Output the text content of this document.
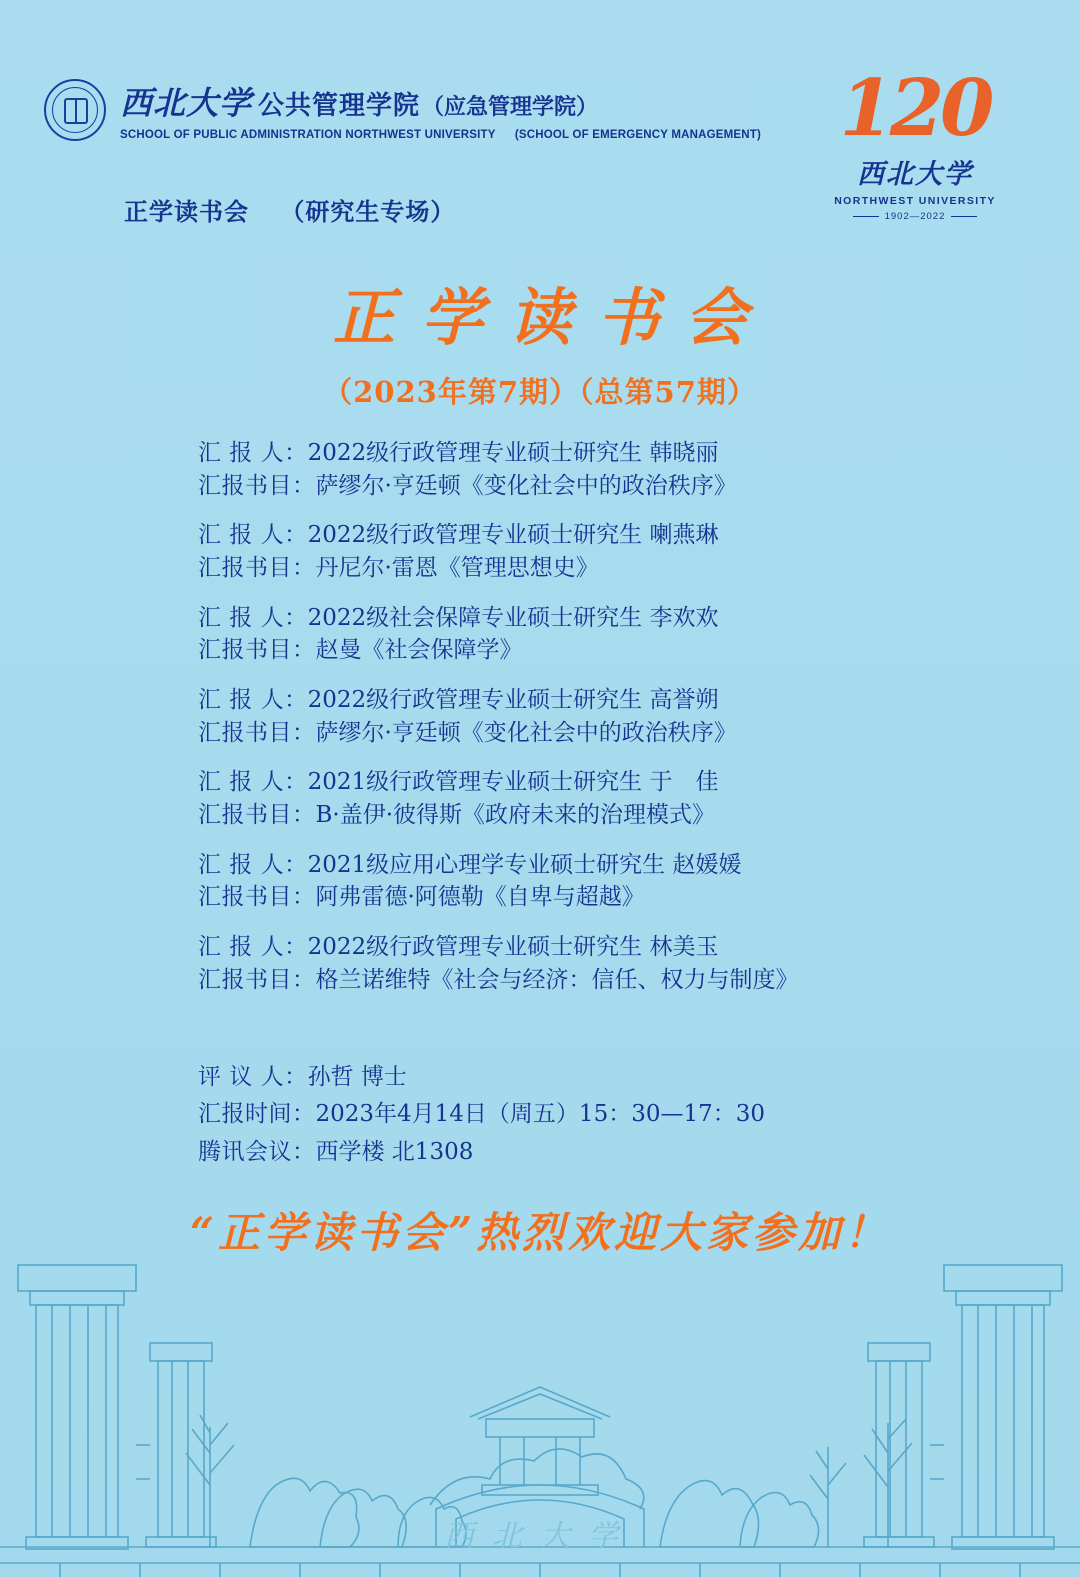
西北大学 公共管理学院 （应急管理学院）
SCHOOL OF PUBLIC ADMINISTRATION NORTHWEST UNIVERSITY (SCHOOL OF EMERGENCY MANAGEMENT) 120
西北大学
NORTHWEST UNIVERSITY
1902—2022
正学读书会 （研究生专场）
正学读书会
（2023年第7期）（总第57期）
汇 报 人：2022级行政管理专业硕士研究生 韩晓丽
汇报书目：萨缪尔·亨廷顿《变化社会中的政治秩序》
汇 报 人：2022级行政管理专业硕士研究生 喇燕琳
汇报书目：丹尼尔·雷恩《管理思想史》
汇 报 人：2022级社会保障专业硕士研究生 李欢欢
汇报书目：赵曼《社会保障学》
汇 报 人：2022级行政管理专业硕士研究生 高誉朔
汇报书目：萨缪尔·亨廷顿《变化社会中的政治秩序》
汇 报 人：2021级行政管理专业硕士研究生 于　佳
汇报书目：B·盖伊·彼得斯《政府未来的治理模式》
汇 报 人：2021级应用心理学专业硕士研究生 赵媛媛
汇报书目：阿弗雷德·阿德勒《自卑与超越》
汇 报 人：2022级行政管理专业硕士研究生 林美玉
汇报书目：格兰诺维特《社会与经济：信任、权力与制度》
评 议 人：孙哲 博士
汇报时间：2023年4月14日（周五）15：30—17：30
腾讯会议：西学楼 北1308
“正学读书会”热烈欢迎大家参加！
西北大学
